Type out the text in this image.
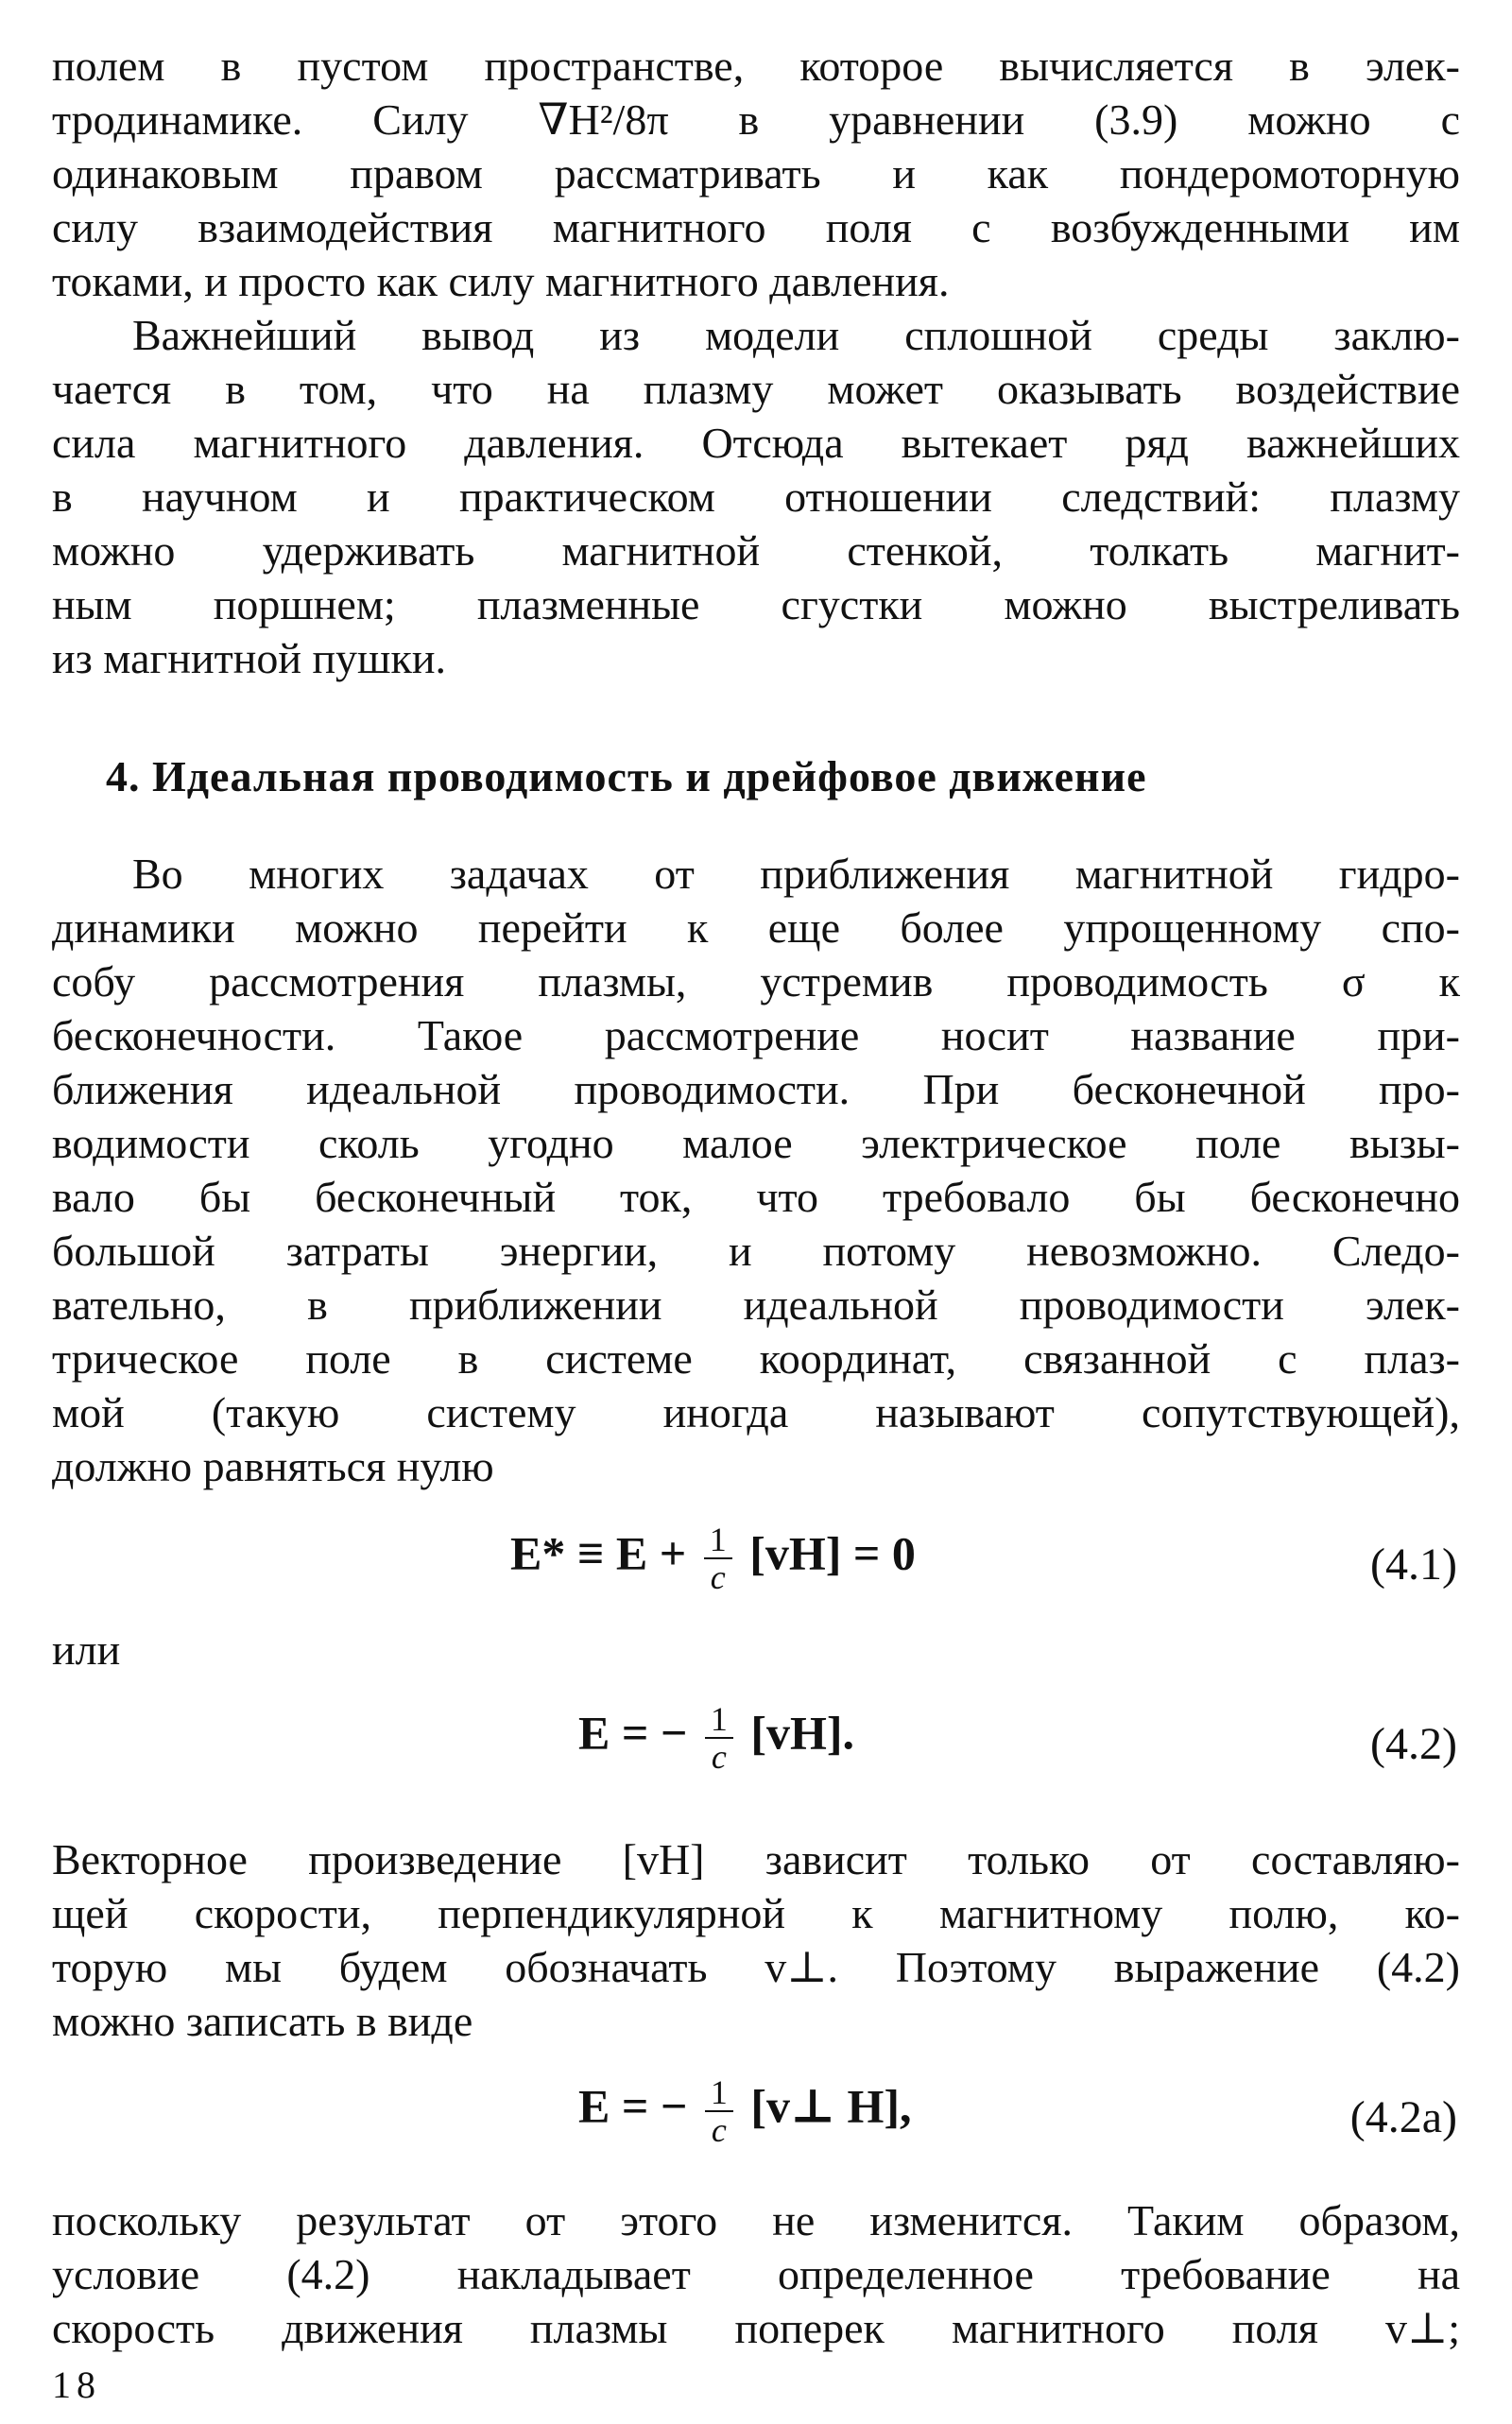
полем в пустом пространстве, которое вычисляется в элек-
тродинамике. Силу ∇H²/8π в уравнении (3.9) можно с
одинаковым правом рассматривать и как пондеромоторную
силу взаимодействия магнитного поля с возбужденными им
токами, и просто как силу магнитного давления.
Важнейший вывод из модели сплошной среды заклю-
чается в том, что на плазму может оказывать воздействие
сила магнитного давления. Отсюда вытекает ряд важнейших
в научном и практическом отношении следствий: плазму
можно удерживать магнитной стенкой, толкать магнит-
ным поршнем; плазменные сгустки можно выстреливать
из магнитной пушки.
4. Идеальная проводимость и дрейфовое движение
Во многих задачах от приближения магнитной гидро-
динамики можно перейти к еще более упрощенному спо-
собу рассмотрения плазмы, устремив проводимость σ к
бесконечности. Такое рассмотрение носит название при-
ближения идеальной проводимости. При бесконечной про-
водимости сколь угодно малое электрическое поле вызы-
вало бы бесконечный ток, что требовало бы бесконечно
большой затраты энергии, и потому невозможно. Следо-
вательно, в приближении идеальной проводимости элек-
трическое поле в системе координат, связанной с плаз-
мой (такую систему иногда называют сопутствующей),
должно равняться нулю
$E* \equiv E + \frac{1}{c} [vH] = 0$	(4.1)
или
E = − $\frac{1}{c} [vH]$.	(4.2)
Векторное произведение [vH] зависит только от составляю-
щей скорости, перпендикулярной к магнитному полю, ко-
торую мы будем обозначать v⊥. Поэтому выражение (4.2)
можно записать в виде
E = − $\frac{1}{c}$ [v⊥ H],	(4.2a)
поскольку результат от этого не изменится. Таким образом,
условие (4.2) накладывает определенное требование на
скорость движения плазмы поперек магнитного поля v⊥;
18
